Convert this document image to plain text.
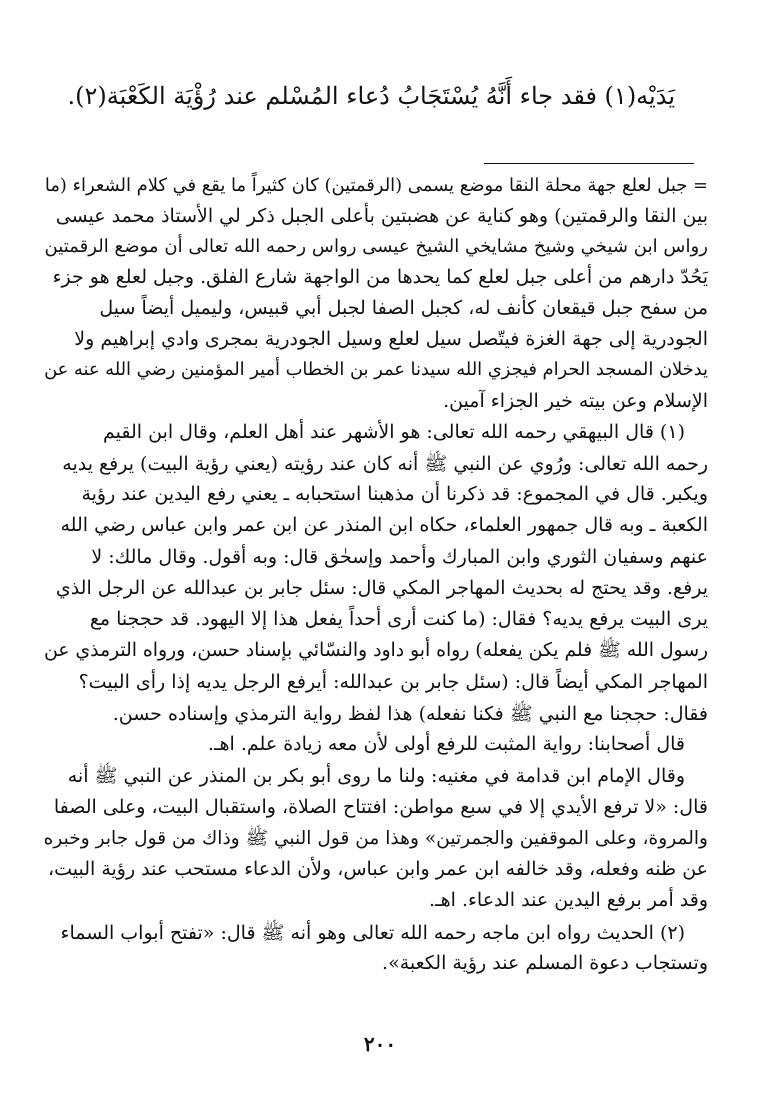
يَدَيْه(١) فقد جاء أَنَّهُ يُسْتَجَابُ دُعاء المُسْلم عند رُؤْيَة الكَعْبَة(٢).
= جبل لعلع جهة محلة النقا موضع يسمى (الرقمتين) كان كثيراً ما يقع في كلام الشعراء (ما
بين النقا والرقمتين) وهو كناية عن هضبتين بأعلى الجبل ذكر لي الأستاذ محمد عيسى
رواس ابن شيخي وشيخ مشايخي الشيخ عيسى رواس رحمه الله تعالى أن موضع الرقمتين
يَحُدّ دارهم من أعلى جبل لعلع كما يحدها من الواجهة شارع الفلق. وجبل لعلع هو جزء
من سفح جبل قيقعان كأنف له، كجبل الصفا لجبل أبي قبيس، وليميل أيضاً سيل
الجودرية إلى جهة الغزة فيتّصل سيل لعلع وسيل الجودرية بمجرى وادي إبراهيم ولا
يدخلان المسجد الحرام فيجزي الله سيدنا عمر بن الخطاب أمير المؤمنين رضي الله عنه عن
الإسلام وعن بيته خير الجزاء آمين.
(١) قال البيهقي رحمه الله تعالى: هو الأشهر عند أهل العلم، وقال ابن القيم
رحمه الله تعالى: ورُوي عن النبي ﷺ أنه كان عند رؤيته (يعني رؤية البيت) يرفع يديه
ويكبر. قال في المجموع: قد ذكرنا أن مذهبنا استحبابه ـ يعني رفع اليدين عند رؤية
الكعبة ـ وبه قال جمهور العلماء، حكاه ابن المنذر عن ابن عمر وابن عباس رضي الله
عنهم وسفيان الثوري وابن المبارك وأحمد وإسحٰق قال: وبه أقول. وقال مالك: لا
يرفع. وقد يحتج له بحديث المهاجر المكي قال: سئل جابر بن عبدالله عن الرجل الذي
يرى البيت يرفع يديه؟ فقال: (ما كنت أرى أحداً يفعل هذا إلا اليهود. قد حججنا مع
رسول الله ﷺ فلم يكن يفعله) رواه أبو داود والنسّائي بإسناد حسن، ورواه الترمذي عن
المهاجر المكي أيضاً قال: (سئل جابر بن عبدالله: أيرفع الرجل يديه إذا رأى البيت؟
فقال: حججنا مع النبي ﷺ فكنا نفعله) هذا لفظ رواية الترمذي وإسناده حسن.
قال أصحابنا: رواية المثبت للرفع أولى لأن معه زيادة علم. اهـ.
وقال الإمام ابن قدامة في مغنيه: ولنا ما روى أبو بكر بن المنذر عن النبي ﷺ أنه
قال: «لا ترفع الأيدي إلا في سبع مواطن: افتتاح الصلاة، واستقبال البيت، وعلى الصفا
والمروة، وعلى الموقفين والجمرتين» وهذا من قول النبي ﷺ وذاك من قول جابر وخبره
عن ظنه وفعله، وقد خالفه ابن عمر وابن عباس، ولأن الدعاء مستحب عند رؤية البيت،
وقد أمر برفع اليدين عند الدعاء. اهـ.
(٢) الحديث رواه ابن ماجه رحمه الله تعالى وهو أنه ﷺ قال: «تفتح أبواب السماء
وتستجاب دعوة المسلم عند رؤية الكعبة».
٢٠٠
